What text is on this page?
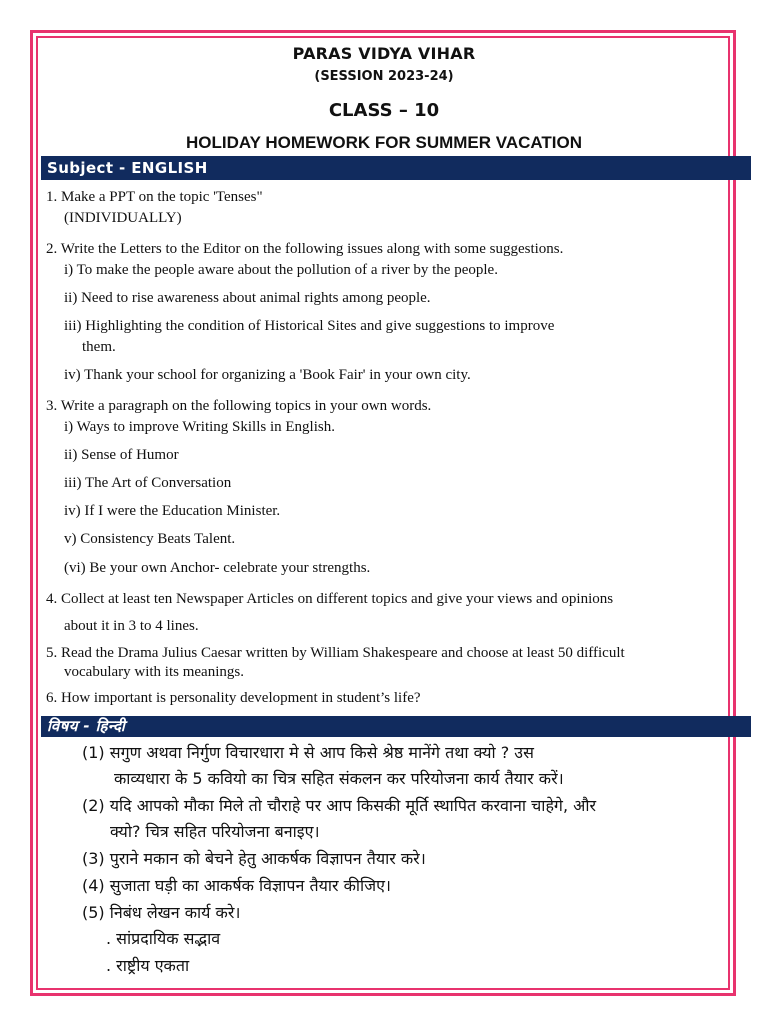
PARAS VIDYA VIHAR
(SESSION 2023-24)
CLASS – 10
HOLIDAY HOMEWORK FOR SUMMER VACATION
Subject - ENGLISH
1. Make a PPT on the topic 'Tenses"
(INDIVIDUALLY)
2. Write the Letters to the Editor on the following issues along with some suggestions.
i) To make the people aware about the pollution of a river by the people.
ii) Need to rise awareness about animal rights among people.
iii) Highlighting the condition of Historical Sites and give suggestions to improve
them.
iv) Thank your school for organizing a 'Book Fair' in your own city.
3. Write a paragraph on the following topics in your own words.
i) Ways to improve Writing Skills in English.
ii) Sense of Humor
iii) The Art of Conversation
iv) If I were the Education Minister.
v) Consistency Beats Talent.
(vi) Be your own Anchor- celebrate your strengths.
4. Collect at least ten Newspaper Articles on different topics and give your views and opinions
about it in 3 to 4 lines.
5. Read the Drama Julius Caesar written by William Shakespeare and choose at least 50 difficult
vocabulary with its meanings.
6. How important is personality development in student’s life?
विषय - हिन्दी
(1) सगुण अथवा निर्गुण विचारधारा मे से आप किसे श्रेष्ठ मानेंगे तथा क्यो ? उस
काव्यधारा के 5 कवियो का चित्र सहित संकलन कर परियोजना कार्य तैयार करें।
(2) यदि आपको मौका मिले तो चौराहे पर आप किसकी मूर्ति स्थापित करवाना चाहेगे, और
क्यो? चित्र सहित परियोजना बनाइए।
(3) पुराने मकान को बेचने हेतु आकर्षक विज्ञापन तैयार करे।
(4) सुजाता घड़ी का आकर्षक विज्ञापन तैयार कीजिए।
(5) निबंध लेखन कार्य करे।
. सांप्रदायिक सद्भाव
. राष्ट्रीय एकता
